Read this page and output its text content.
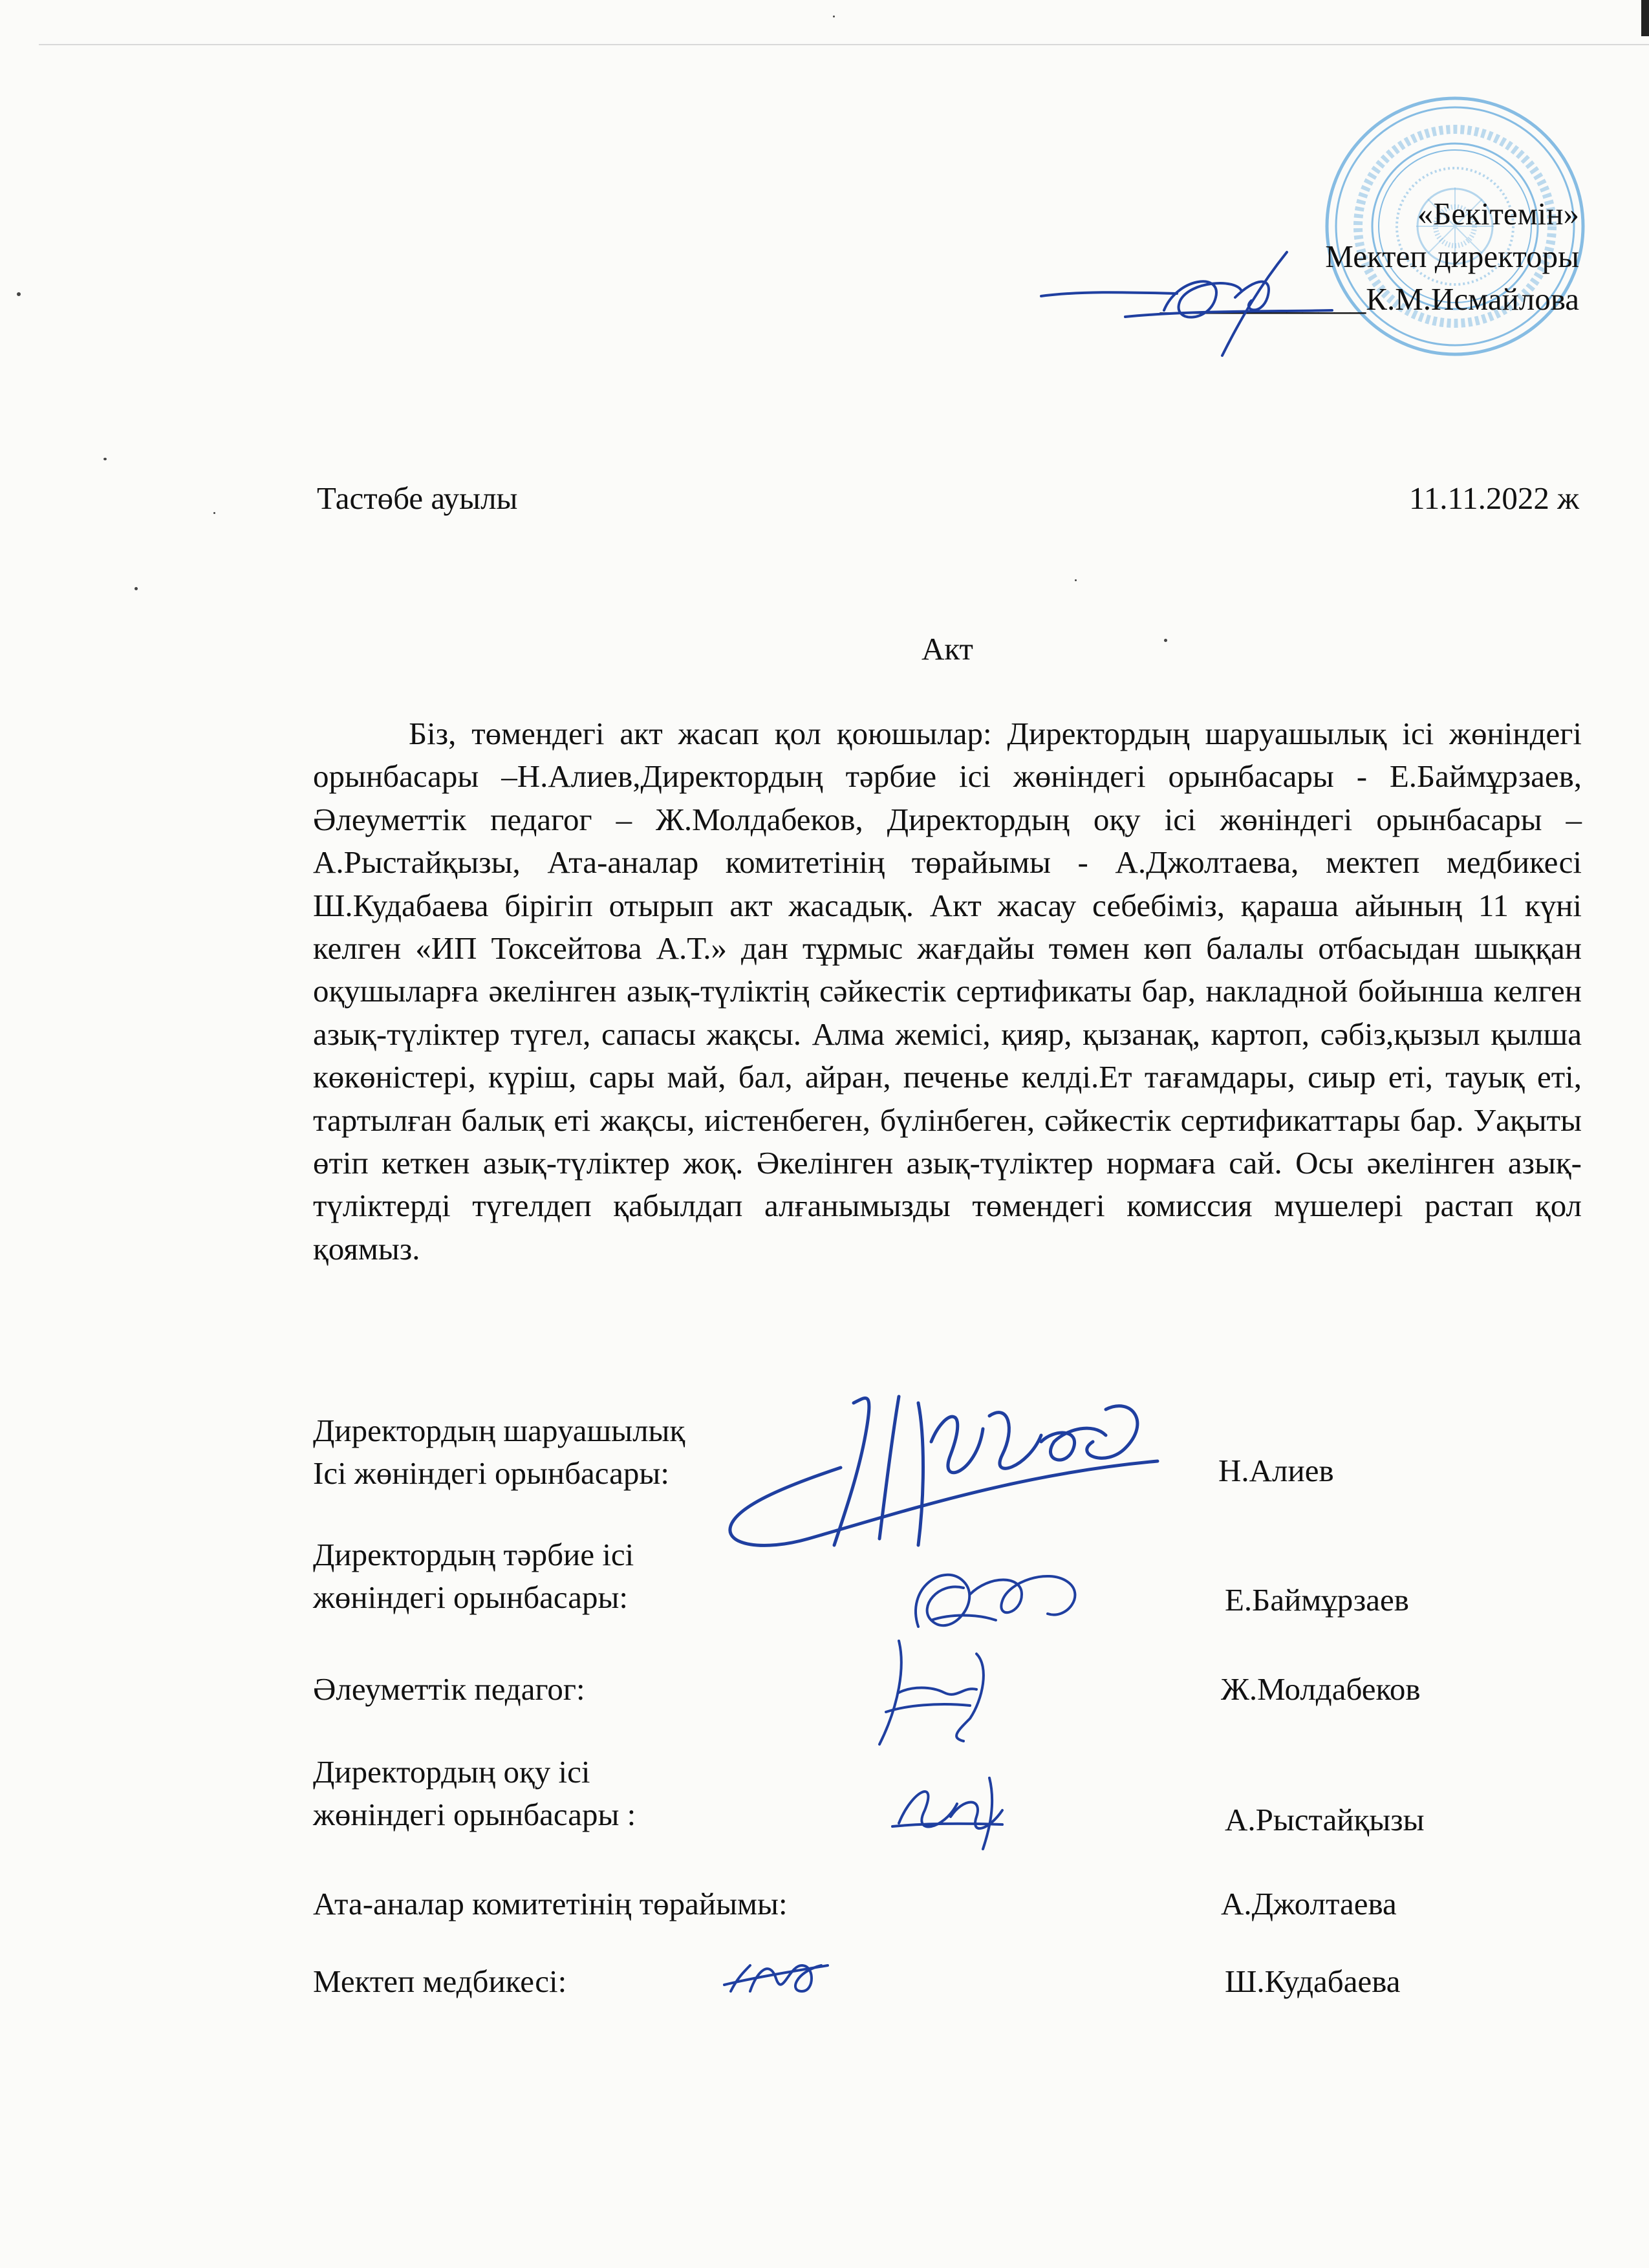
«Бекітемін»
Мектеп директоры
_____________К.М.Исмайлова
Тастөбе ауылы	11.11.2022 ж
Акт
Біз, төмендегі акт жасап қол қоюшылар: Директордың шаруашылық ісі жөніндегі орынбасары –Н.Алиев,Директордың тәрбие ісі жөніндегі орынбасары - Е.Баймұрзаев, Әлеуметтік педагог – Ж.Молдабеков, Директордың оқу ісі жөніндегі орынбасары – А.Рыстайқызы, Ата-аналар комитетінің төрайымы - А.Джолтаева, мектеп медбикесі Ш.Кудабаева бірігіп отырып акт жасадық. Акт жасау себебіміз, қараша айының 11 күні келген «ИП Токсейтова А.Т.» дан тұрмыс жағдайы төмен көп балалы отбасыдан шыққан оқушыларға әкелінген азық-түліктің сәйкестік сертификаты бар, накладной бойынша келген азық-түліктер түгел, сапасы жақсы. Алма жемісі, қияр, қызанақ, картоп, сәбіз,қызыл қылша көкөністері, күріш, сары май, бал, айран, печенье келді.Ет тағамдары, сиыр еті, тауық еті, тартылған балық еті жақсы, иістенбеген, бүлінбеген, сәйкестік сертификаттары бар. Уақыты өтіп кеткен азық-түліктер жоқ. Әкелінген азық-түліктер нормаға сай. Осы әкелінген азық-түліктерді түгелдеп қабылдап алғанымызды төмендегі комиссия мүшелері растап қол қоямыз.
Директордың шаруашылық
Ісі жөніндегі орынбасары:	Н.Алиев
Директордың тәрбие ісі
жөніндегі орынбасары:	Е.Баймұрзаев
Әлеуметтік педагог:	Ж.Молдабеков
Директордың оқу ісі
жөніндегі орынбасары :	А.Рыстайқызы
Ата-аналар комитетінің төрайымы:	А.Джолтаева
Мектеп медбикесі:	Ш.Кудабаева
